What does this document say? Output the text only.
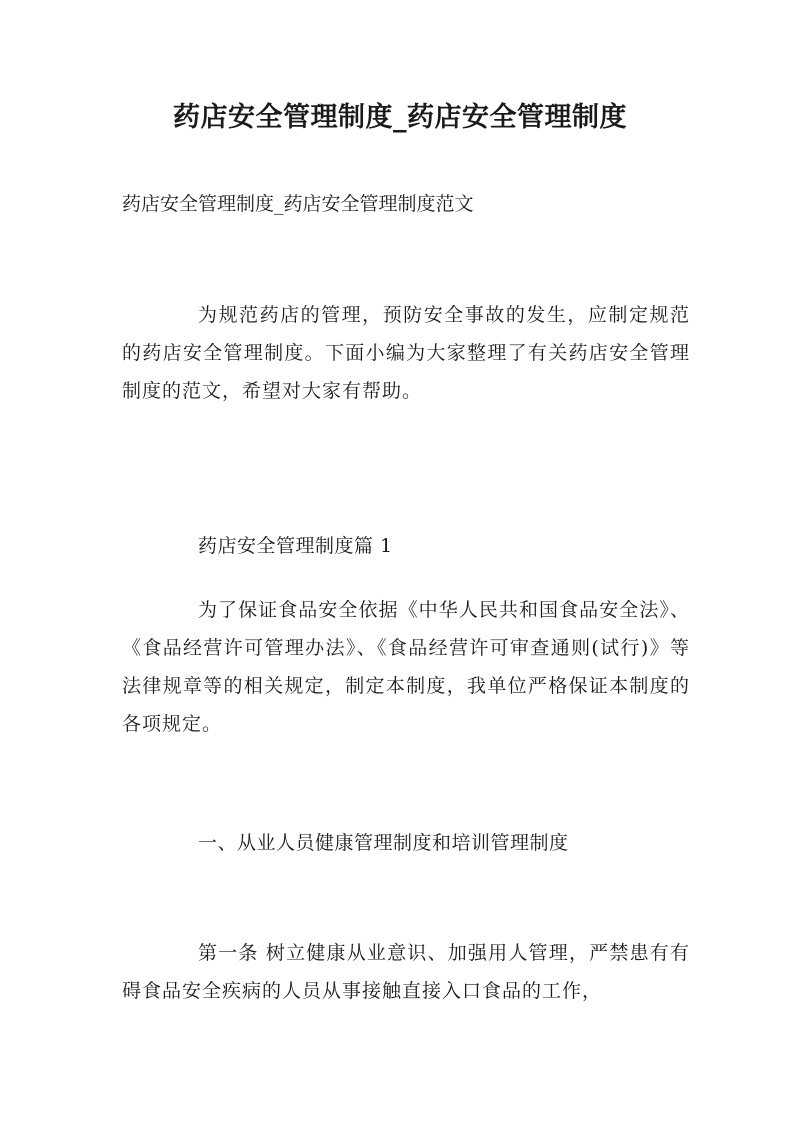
药店安全管理制度_药店安全管理制度
药店安全管理制度_药店安全管理制度范文
为规范药店的管理，预防安全事故的发生，应制定规范的药店安全管理制度。下面小编为大家整理了有关药店安全管理制度的范文，希望对大家有帮助。
药店安全管理制度篇 1
为了保证食品安全依据《中华人民共和国食品安全法》、《食品经营许可管理办法》、《食品经营许可审查通则(试行)》等法律规章等的相关规定，制定本制度，我单位严格保证本制度的各项规定。
一、从业人员健康管理制度和培训管理制度
第一条 树立健康从业意识、加强用人管理，严禁患有有碍食品安全疾病的人员从事接触直接入口食品的工作，
